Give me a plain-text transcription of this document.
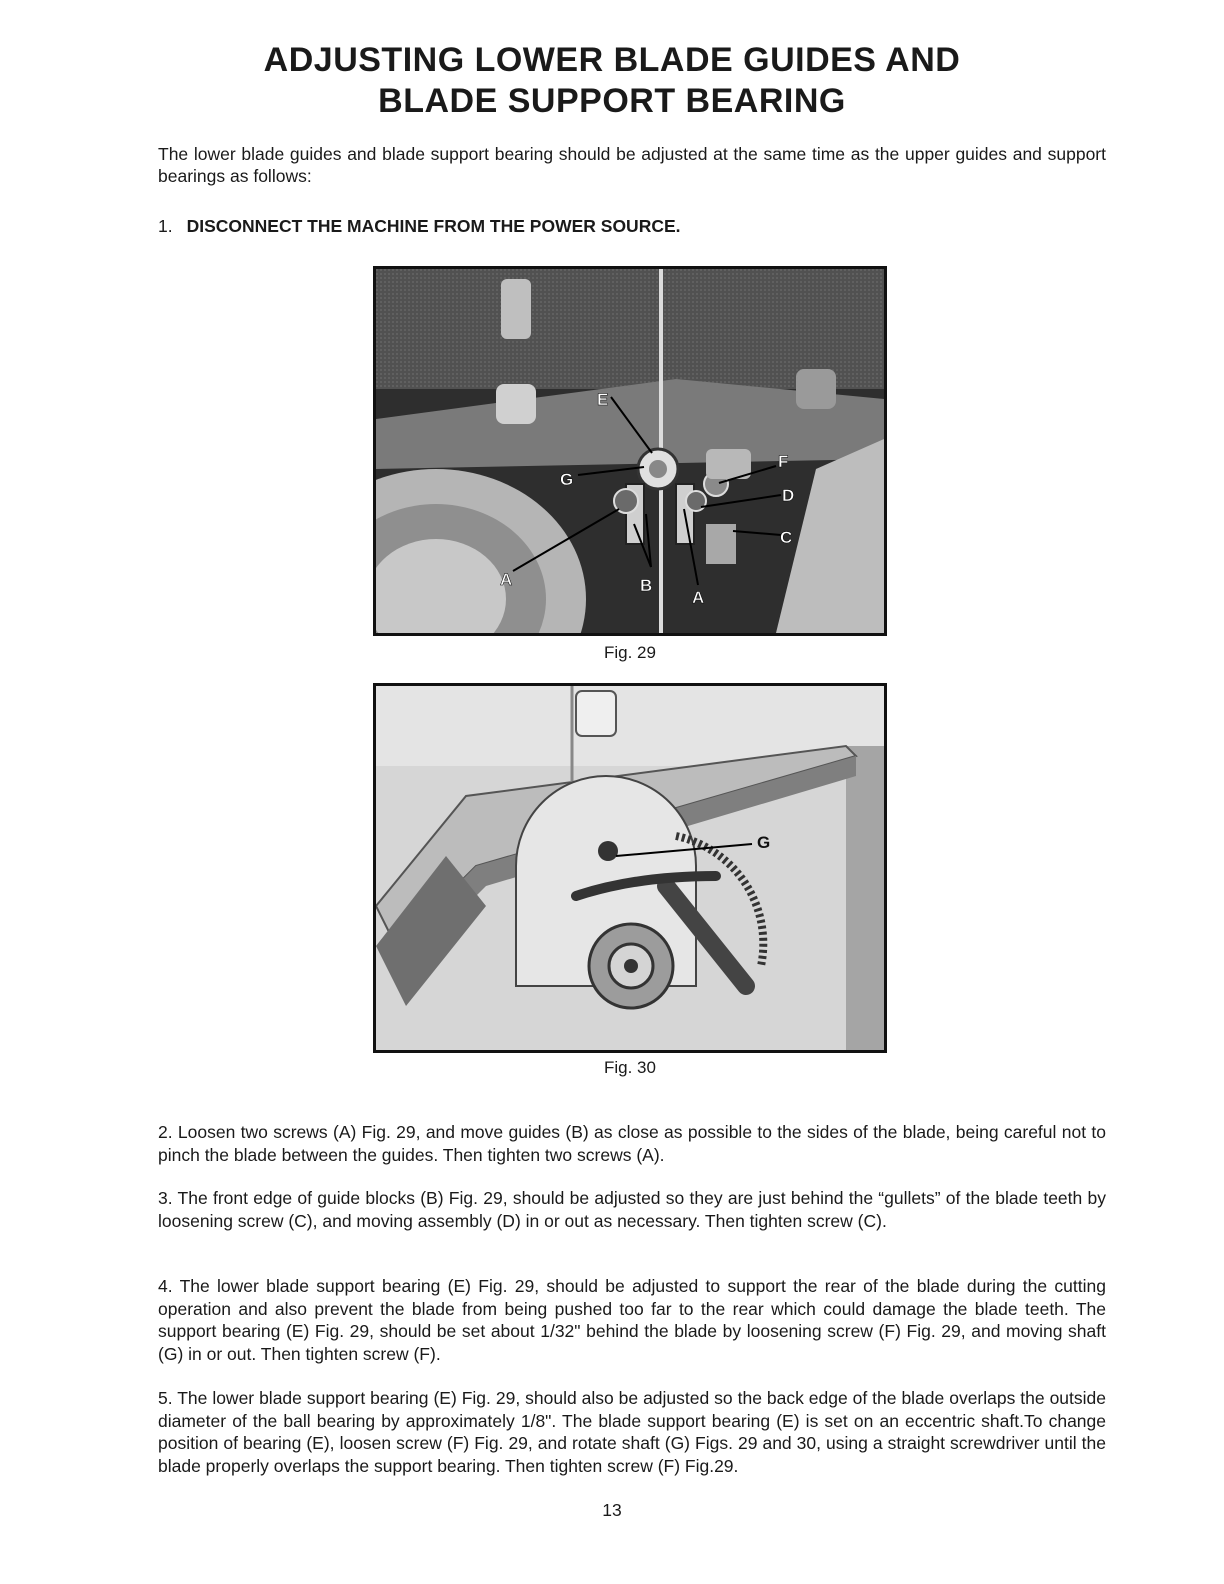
ADJUSTING LOWER BLADE GUIDES AND
BLADE SUPPORT BEARING

The lower blade guides and blade support bearing should be adjusted at the same time as the upper guides and support bearings as follows:

1. DISCONNECT THE MACHINE FROM THE POWER SOURCE.

E
G
F
D
C
A	B
A

Fig. 29

G

Fig. 30

2. Loosen two screws (A) Fig. 29, and move guides (B) as close as possible to the sides of the blade, being careful not to pinch the blade between the guides. Then tighten two screws (A).

3. The front edge of guide blocks (B) Fig. 29, should be adjusted so they are just behind the “gullets” of the blade teeth by loosening screw (C), and moving assembly (D) in or out as necessary. Then tighten screw (C).

4. The lower blade support bearing (E) Fig. 29, should be adjusted to support the rear of the blade during the cutting operation and also prevent the blade from being pushed too far to the rear which could damage the blade teeth. The support bearing (E) Fig. 29, should be set about 1/32" behind the blade by loosening screw (F) Fig. 29, and moving shaft (G) in or out. Then tighten screw (F).

5. The lower blade support bearing (E) Fig. 29, should also be adjusted so the back edge of the blade overlaps the outside diameter of the ball bearing by approximately 1/8". The blade support bearing (E) is set on an eccentric shaft.To change position of bearing (E), loosen screw (F) Fig. 29, and rotate shaft (G) Figs. 29 and 30, using a straight screwdriver until the blade properly overlaps the support bearing. Then tighten screw (F) Fig.29.

13
